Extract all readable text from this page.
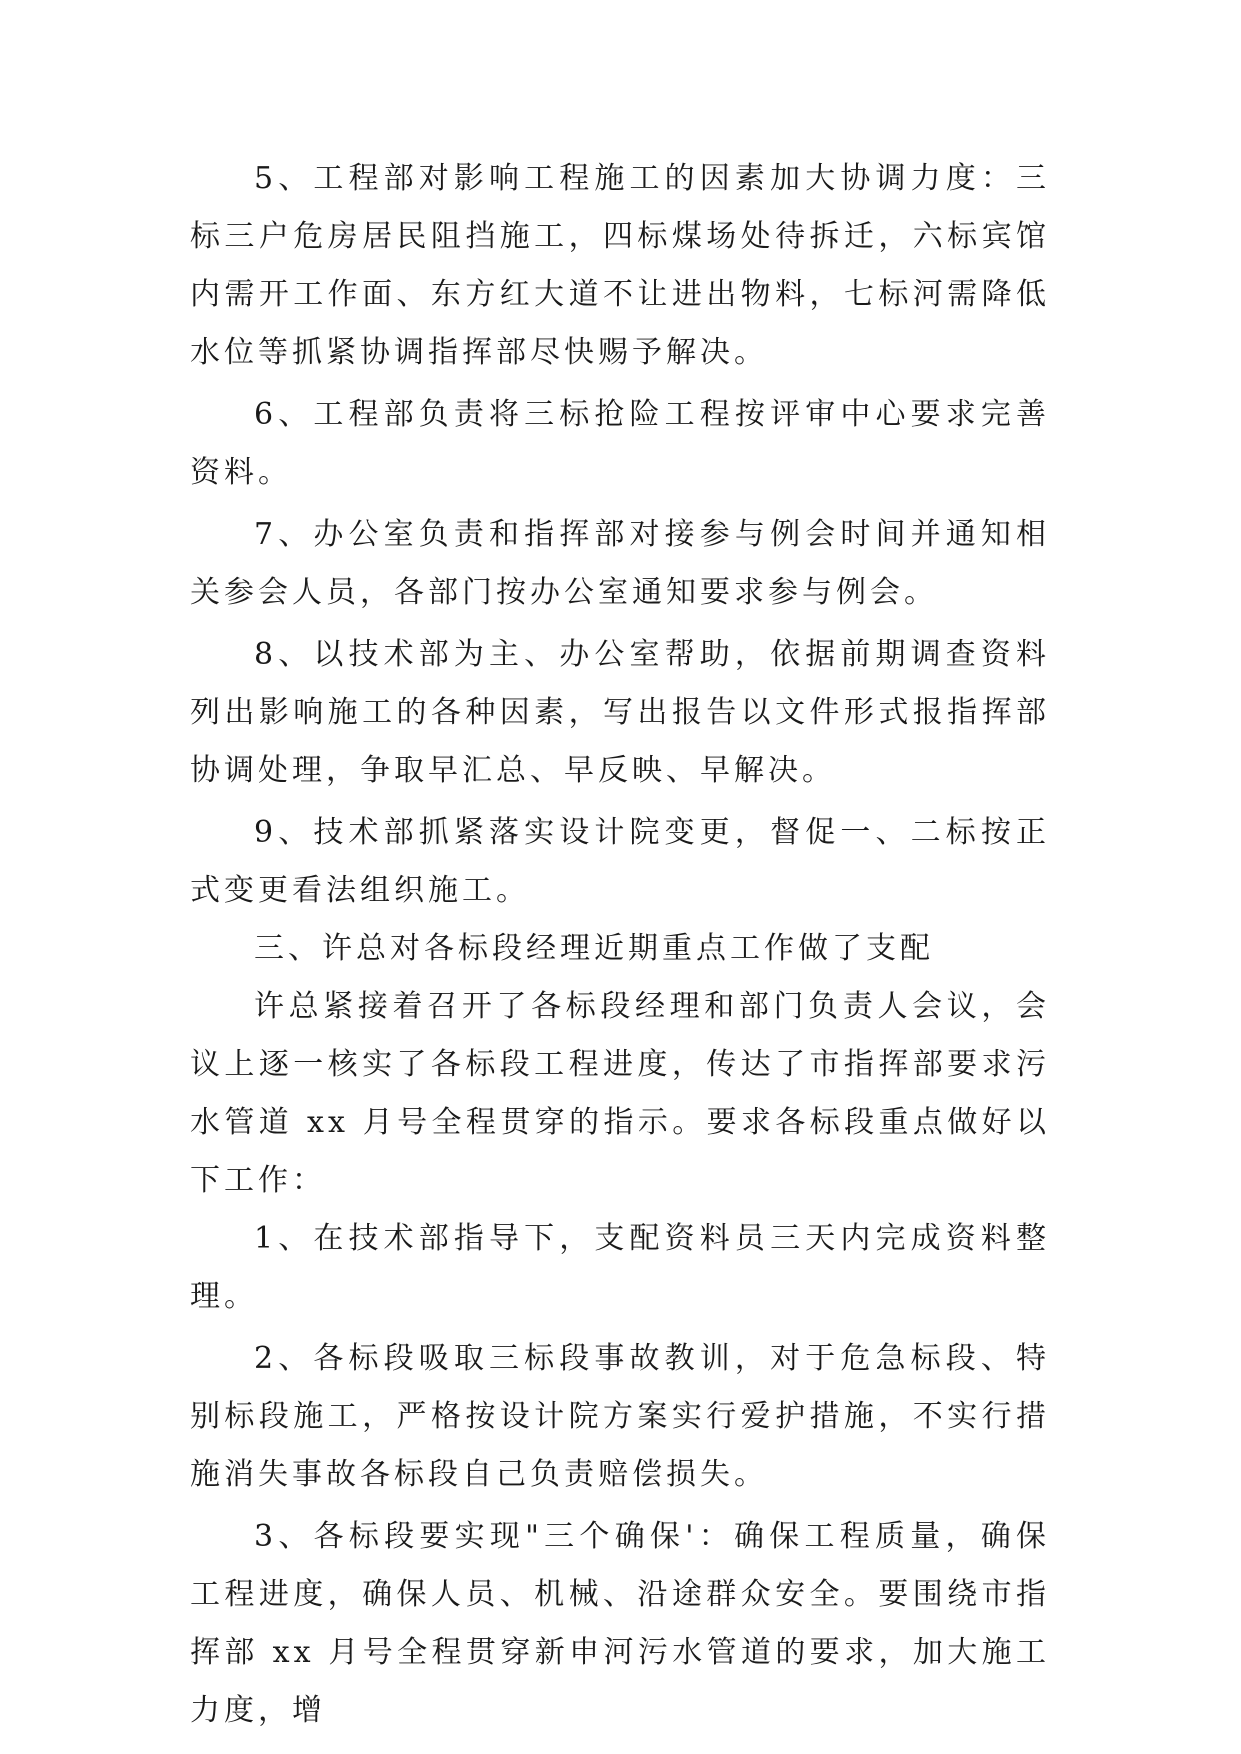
5、工程部对影响工程施工的因素加大协调力度：三标三户危房居民阻挡施工，四标煤场处待拆迁，六标宾馆内需开工作面、东方红大道不让进出物料，七标河需降低水位等抓紧协调指挥部尽快赐予解决。

6、工程部负责将三标抢险工程按评审中心要求完善资料。

7、办公室负责和指挥部对接参与例会时间并通知相关参会人员，各部门按办公室通知要求参与例会。

8、以技术部为主、办公室帮助，依据前期调查资料列出影响施工的各种因素，写出报告以文件形式报指挥部协调处理，争取早汇总、早反映、早解决。

9、技术部抓紧落实设计院变更，督促一、二标按正式变更看法组织施工。

三、许总对各标段经理近期重点工作做了支配

许总紧接着召开了各标段经理和部门负责人会议，会议上逐一核实了各标段工程进度，传达了市指挥部要求污水管道 xx 月号全程贯穿的指示。要求各标段重点做好以下工作：

1、在技术部指导下，支配资料员三天内完成资料整理。

2、各标段吸取三标段事故教训，对于危急标段、特别标段施工，严格按设计院方案实行爱护措施，不实行措施消失事故各标段自己负责赔偿损失。

3、各标段要实现"三个确保'：确保工程质量，确保工程进度，确保人员、机械、沿途群众安全。要围绕市指挥部 xx 月号全程贯穿新申河污水管道的要求，加大施工力度，增
